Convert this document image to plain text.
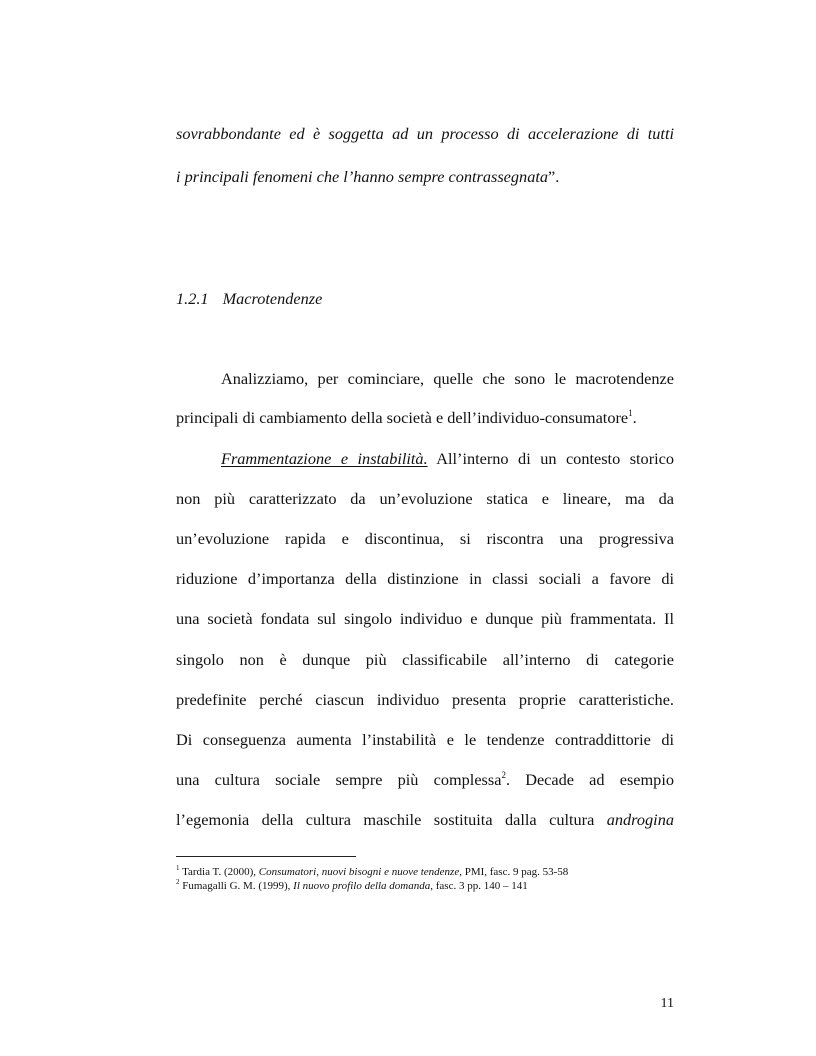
sovrabbondante ed è soggetta ad un processo di accelerazione di tutti
i principali fenomeni che l’hanno sempre contrassegnata”.
1.2.1 Macrotendenze
Analizziamo, per cominciare, quelle che sono le macrotendenze
principali di cambiamento della società e dell’individuo-consumatore$^1$.
Frammentazione e instabilità. All’interno di un contesto storico
non più caratterizzato da un’evoluzione statica e lineare, ma da
un’evoluzione rapida e discontinua, si riscontra una progressiva
riduzione d’importanza della distinzione in classi sociali a favore di
una società fondata sul singolo individuo e dunque più frammentata. Il
singolo non è dunque più classificabile all’interno di categorie
predefinite perché ciascun individuo presenta proprie caratteristiche.
Di conseguenza aumenta l’instabilità e le tendenze contraddittorie di
una cultura sociale sempre più complessa$^2$. Decade ad esempio
l’egemonia della cultura maschile sostituita dalla cultura androgina
$^1$ Tardia T. (2000), Consumatori, nuovi bisogni e nuove tendenze, PMI, fasc. 9 pag. 53-58
$^2$ Fumagalli G. M. (1999), Il nuovo profilo della domanda, fasc. 3 pp. 140 – 141
11
